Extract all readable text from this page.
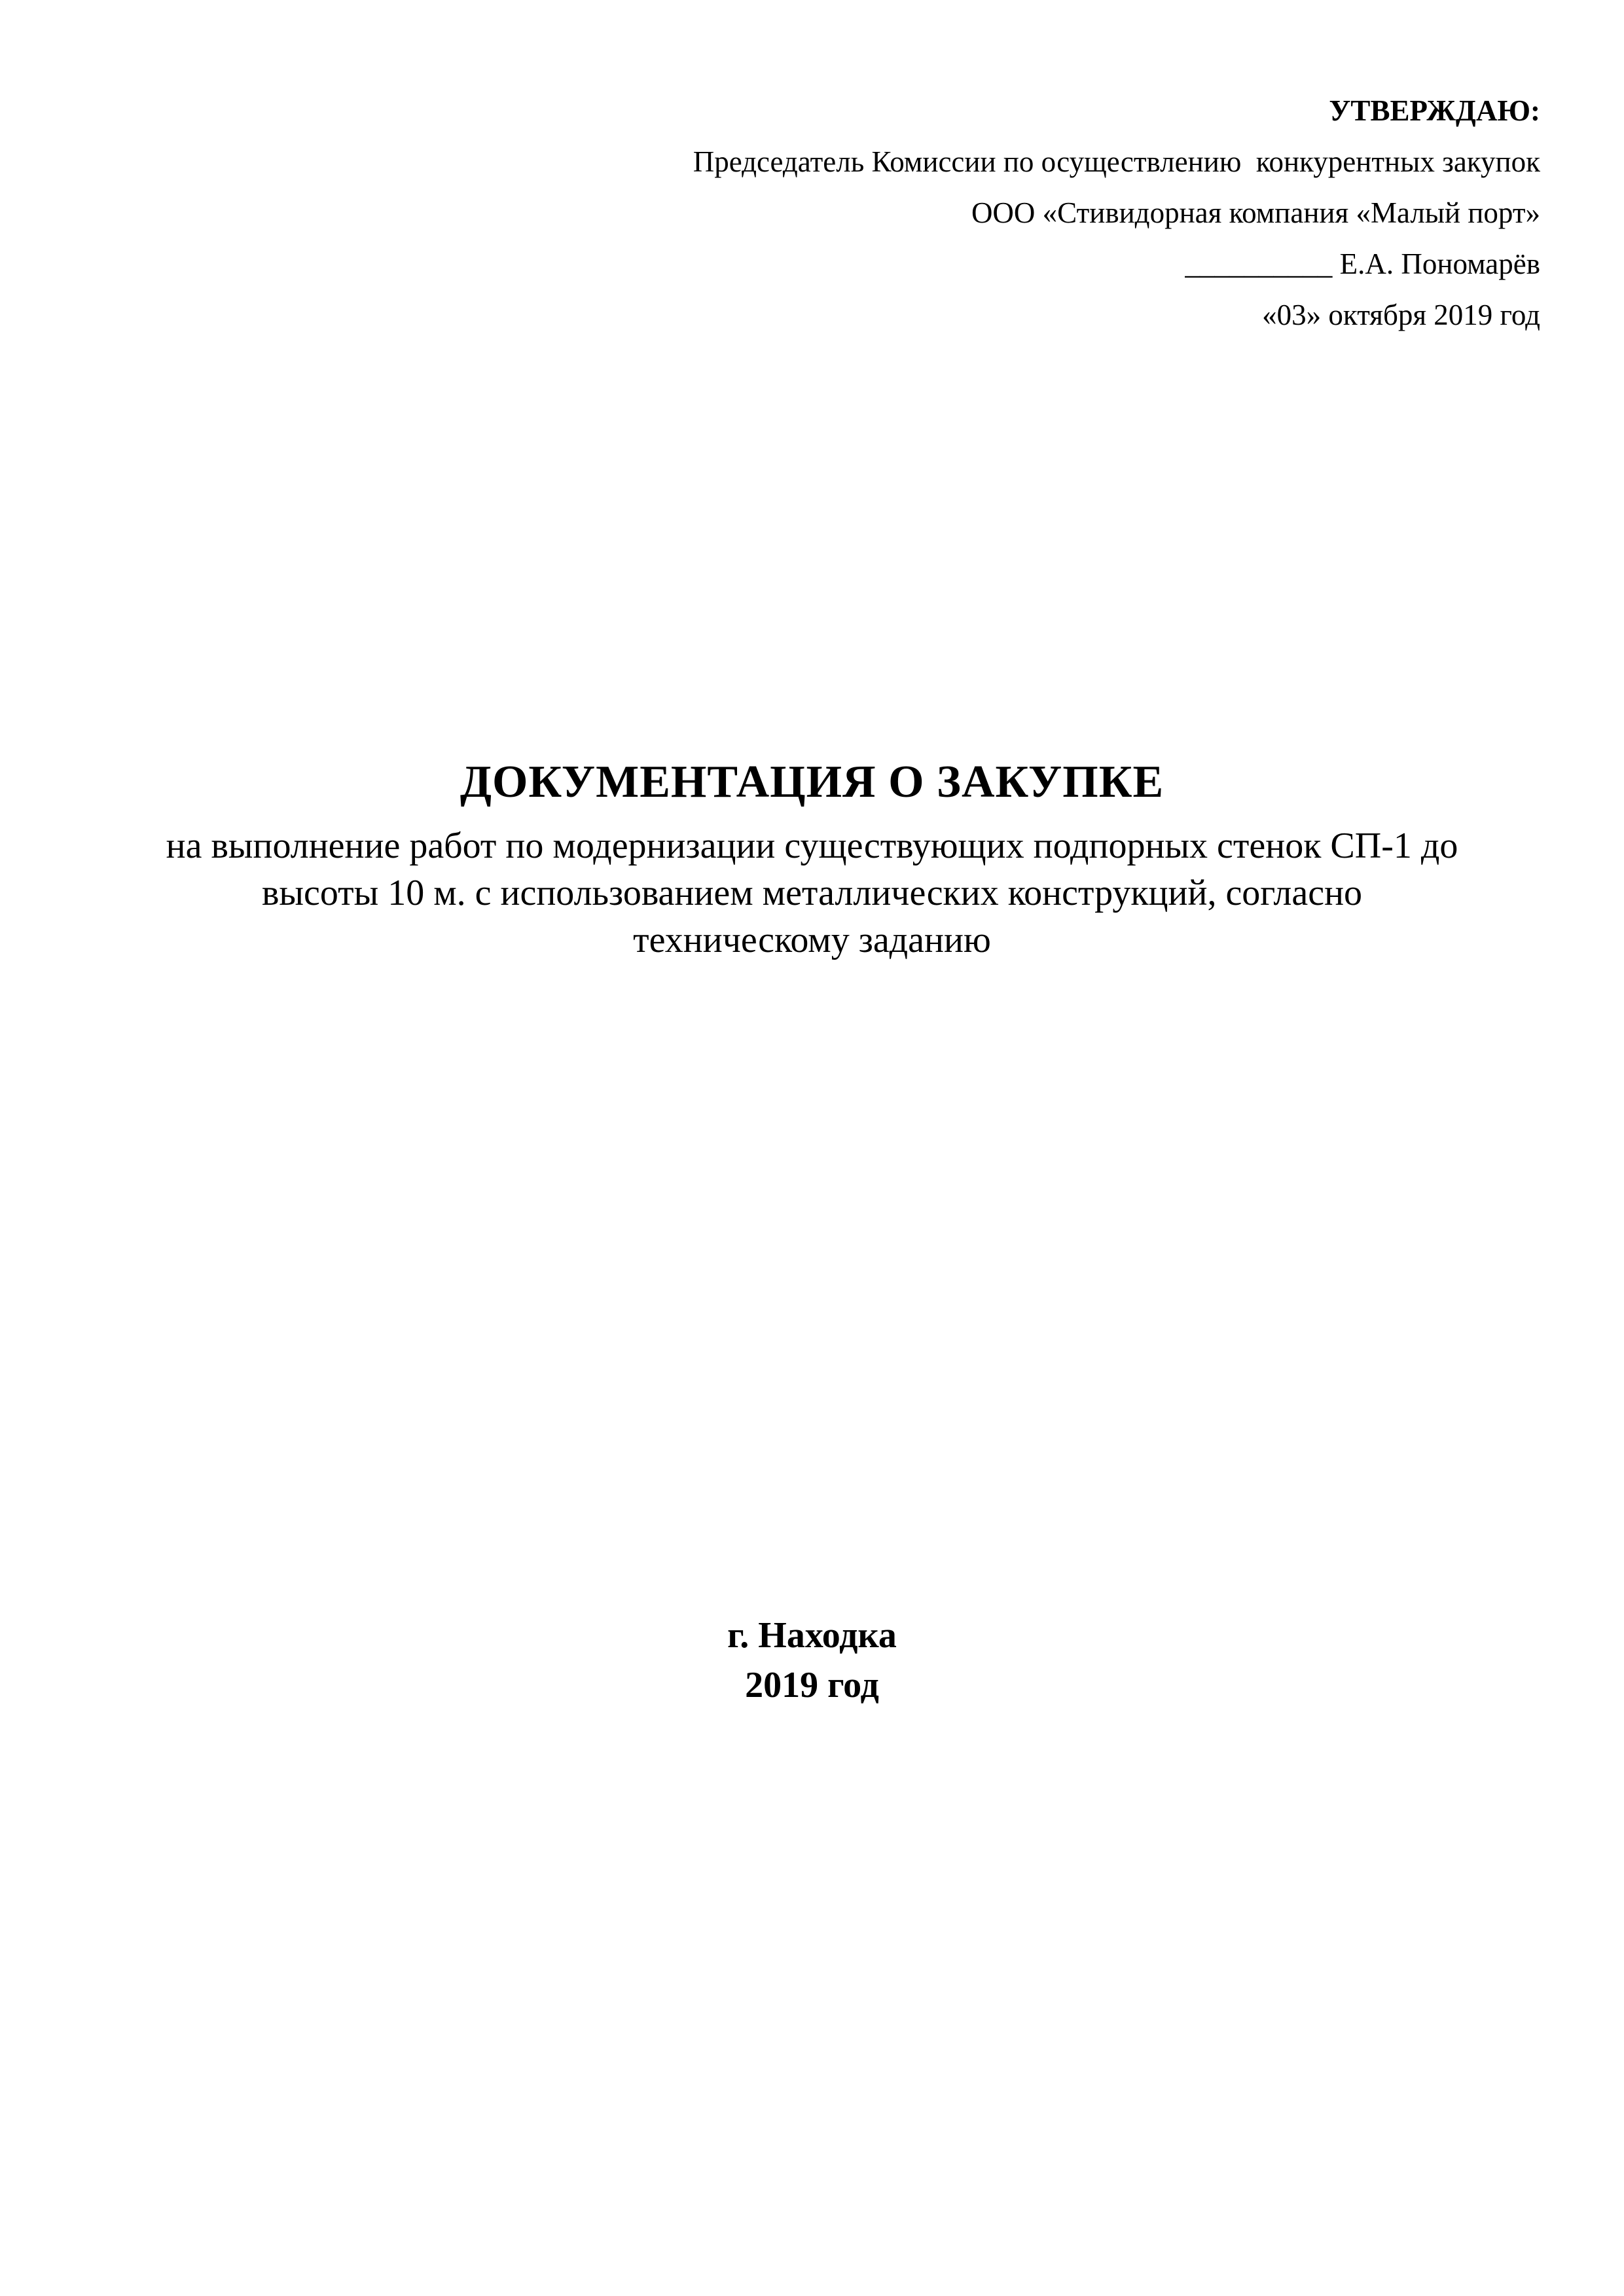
УТВЕРЖДАЮ:
Председатель Комиссии по осуществлению  конкурентных закупок
ООО «Стивидорная компания «Малый порт»
__________ Е.А. Пономарёв
«03» октября 2019 год
ДОКУМЕНТАЦИЯ О ЗАКУПКЕ
на выполнение работ по модернизации существующих подпорных стенок СП-1 до высоты 10 м. с использованием металлических конструкций, согласно техническому заданию
г. Находка
2019 год
